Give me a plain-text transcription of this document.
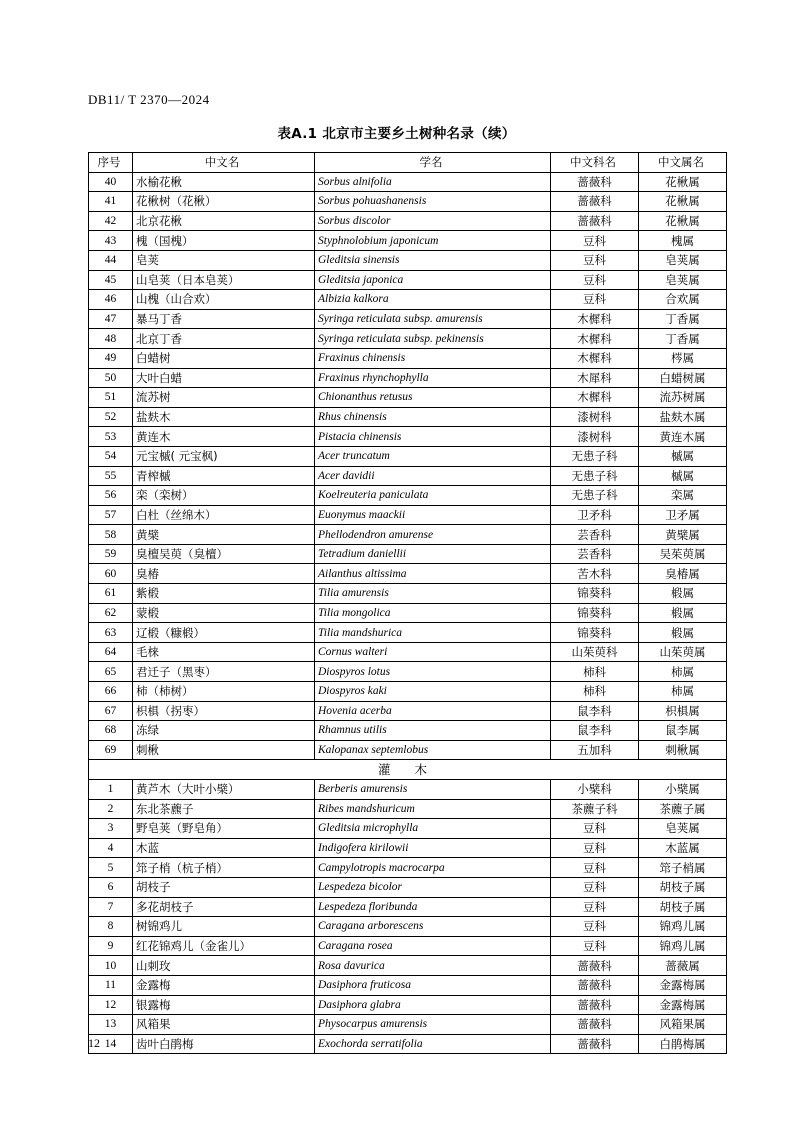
DB11/ T 2370—2024
表A.1 北京市主要乡土树种名录（续）
序号	中文名	学名	中文科名	中文属名
40	水榆花楸	Sorbus alnifolia	蔷薇科	花楸属
41	花楸树（花楸）	Sorbus pohuashanensis	蔷薇科	花楸属
42	北京花楸	Sorbus discolor	蔷薇科	花楸属
43	槐（国槐）	Styphnolobium japonicum	豆科	槐属
44	皂荚	Gleditsia sinensis	豆科	皂荚属
45	山皂荚（日本皂荚）	Gleditsia japonica	豆科	皂荚属
46	山槐（山合欢）	Albizia kalkora	豆科	合欢属
47	暴马丁香	Syringa reticulata subsp. amurensis	木樨科	丁香属
48	北京丁香	Syringa reticulata subsp. pekinensis	木樨科	丁香属
49	白蜡树	Fraxinus chinensis	木樨科	梣属
50	大叶白蜡	Fraxinus rhynchophylla	木犀科	白蜡树属
51	流苏树	Chionanthus retusus	木樨科	流苏树属
52	盐麸木	Rhus chinensis	漆树科	盐麸木属
53	黄连木	Pistacia chinensis	漆树科	黄连木属
54	元宝槭( 元宝枫)	Acer truncatum	无患子科	槭属
55	青榨槭	Acer davidii	无患子科	槭属
56	栾（栾树）	Koelreuteria paniculata	无患子科	栾属
57	白杜（丝绵木）	Euonymus maackii	卫矛科	卫矛属
58	黄檗	Phellodendron amurense	芸香科	黄檗属
59	臭檀吴萸（臭檀）	Tetradium daniellii	芸香科	吴茱萸属
60	臭椿	Ailanthus altissima	苦木科	臭椿属
61	紫椴	Tilia amurensis	锦葵科	椴属
62	蒙椴	Tilia mongolica	锦葵科	椴属
63	辽椴（糠椴）	Tilia mandshurica	锦葵科	椴属
64	毛梾	Cornus walteri	山茱萸科	山茱萸属
65	君迁子（黑枣）	Diospyros lotus	柿科	柿属
66	柿（柿树）	Diospyros kaki	柿科	柿属
67	枳椇（拐枣）	Hovenia acerba	鼠李科	枳椇属
68	冻绿	Rhamnus utilis	鼠李科	鼠李属
69	刺楸	Kalopanax septemlobus	五加科	刺楸属
灌 木				
1	黄芦木（大叶小檗）	Berberis amurensis	小檗科	小檗属
2	东北茶藨子	Ribes mandshuricum	茶藨子科	茶藨子属
3	野皂荚（野皂角）	Gleditsia microphylla	豆科	皂荚属
4	木蓝	Indigofera kirilowii	豆科	木蓝属
5	筇子梢（杭子梢）	Campylotropis macrocarpa	豆科	筇子梢属
6	胡枝子	Lespedeza bicolor	豆科	胡枝子属
7	多花胡枝子	Lespedeza floribunda	豆科	胡枝子属
8	树锦鸡儿	Caragana arborescens	豆科	锦鸡儿属
9	红花锦鸡儿（金雀儿）	Caragana rosea	豆科	锦鸡儿属
10	山刺玫	Rosa davurica	蔷薇科	蔷薇属
11	金露梅	Dasiphora fruticosa	蔷薇科	金露梅属
12	银露梅	Dasiphora glabra	蔷薇科	金露梅属
13	风箱果	Physocarpus amurensis	蔷薇科	风箱果属
14	齿叶白鹃梅	Exochorda serratifolia	蔷薇科	白鹃梅属
12
